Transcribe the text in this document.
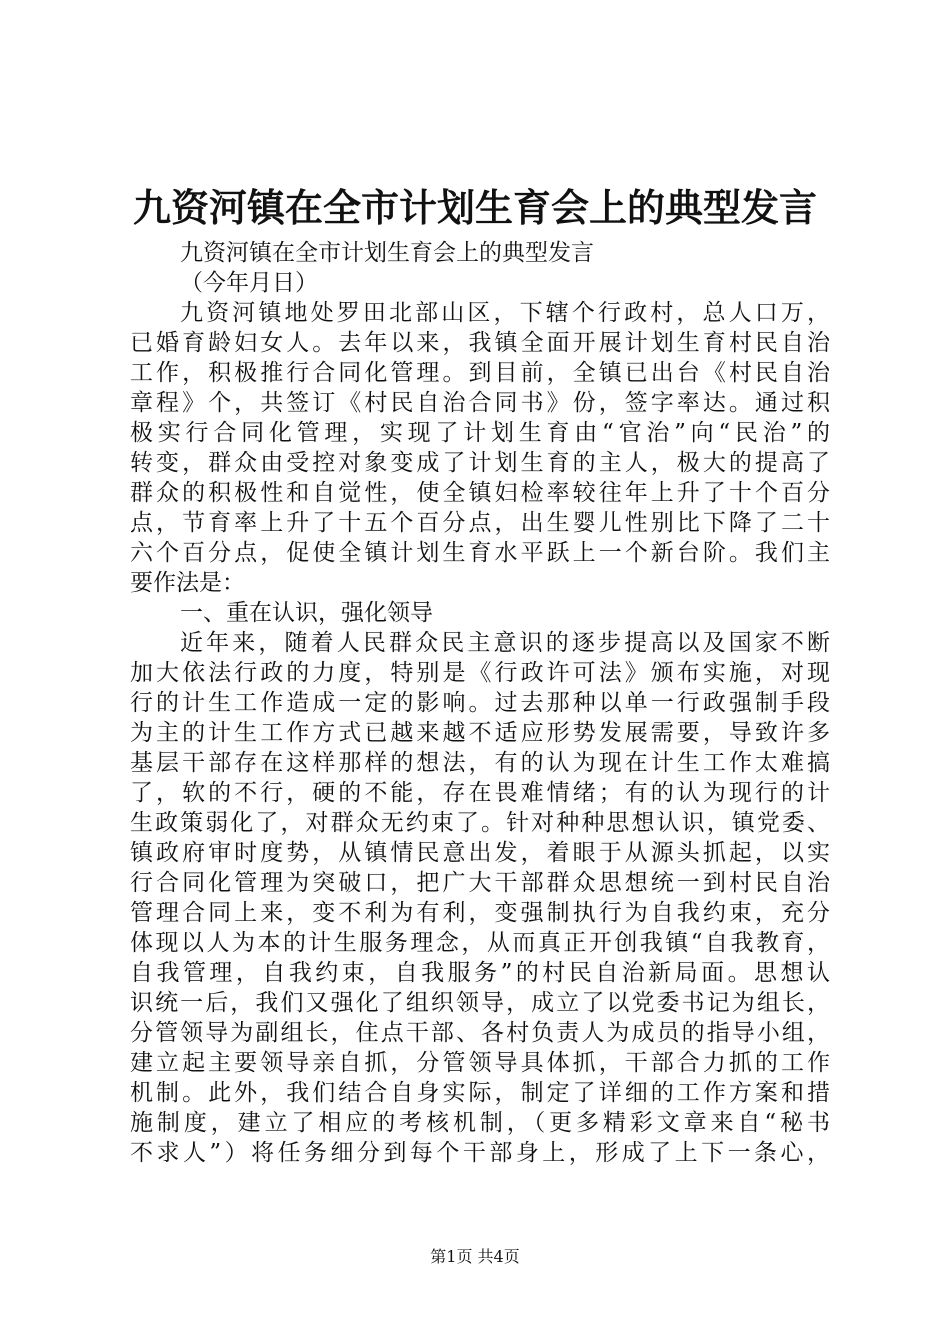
九资河镇在全市计划生育会上的典型发言
九资河镇在全市计划生育会上的典型发言
（今年月日）
九资河镇地处罗田北部山区，下辖个行政村，总人口万，
已婚育龄妇女人。去年以来，我镇全面开展计划生育村民自治
工作，积极推行合同化管理。到目前，全镇已出台《村民自治
章程》个，共签订《村民自治合同书》份，签字率达。通过积
极实行合同化管理，实现了计划生育由“官治”向“民治”的
转变，群众由受控对象变成了计划生育的主人，极大的提高了
群众的积极性和自觉性，使全镇妇检率较往年上升了十个百分
点，节育率上升了十五个百分点，出生婴儿性别比下降了二十
六个百分点，促使全镇计划生育水平跃上一个新台阶。我们主
要作法是：
一、重在认识，强化领导
近年来，随着人民群众民主意识的逐步提高以及国家不断
加大依法行政的力度，特别是《行政许可法》颁布实施，对现
行的计生工作造成一定的影响。过去那种以单一行政强制手段
为主的计生工作方式已越来越不适应形势发展需要，导致许多
基层干部存在这样那样的想法，有的认为现在计生工作太难搞
了，软的不行，硬的不能，存在畏难情绪；有的认为现行的计
生政策弱化了，对群众无约束了。针对种种思想认识，镇党委、
镇政府审时度势，从镇情民意出发，着眼于从源头抓起，以实
行合同化管理为突破口，把广大干部群众思想统一到村民自治
管理合同上来，变不利为有利，变强制执行为自我约束，充分
体现以人为本的计生服务理念，从而真正开创我镇“自我教育，
自我管理，自我约束，自我服务”的村民自治新局面。思想认
识统一后，我们又强化了组织领导，成立了以党委书记为组长，
分管领导为副组长，住点干部、各村负责人为成员的指导小组，
建立起主要领导亲自抓，分管领导具体抓，干部合力抓的工作
机制。此外，我们结合自身实际，制定了详细的工作方案和措
施制度，建立了相应的考核机制，（更多精彩文章来自“秘书
不求人”）将任务细分到每个干部身上，形成了上下一条心，
第1页 共4页
